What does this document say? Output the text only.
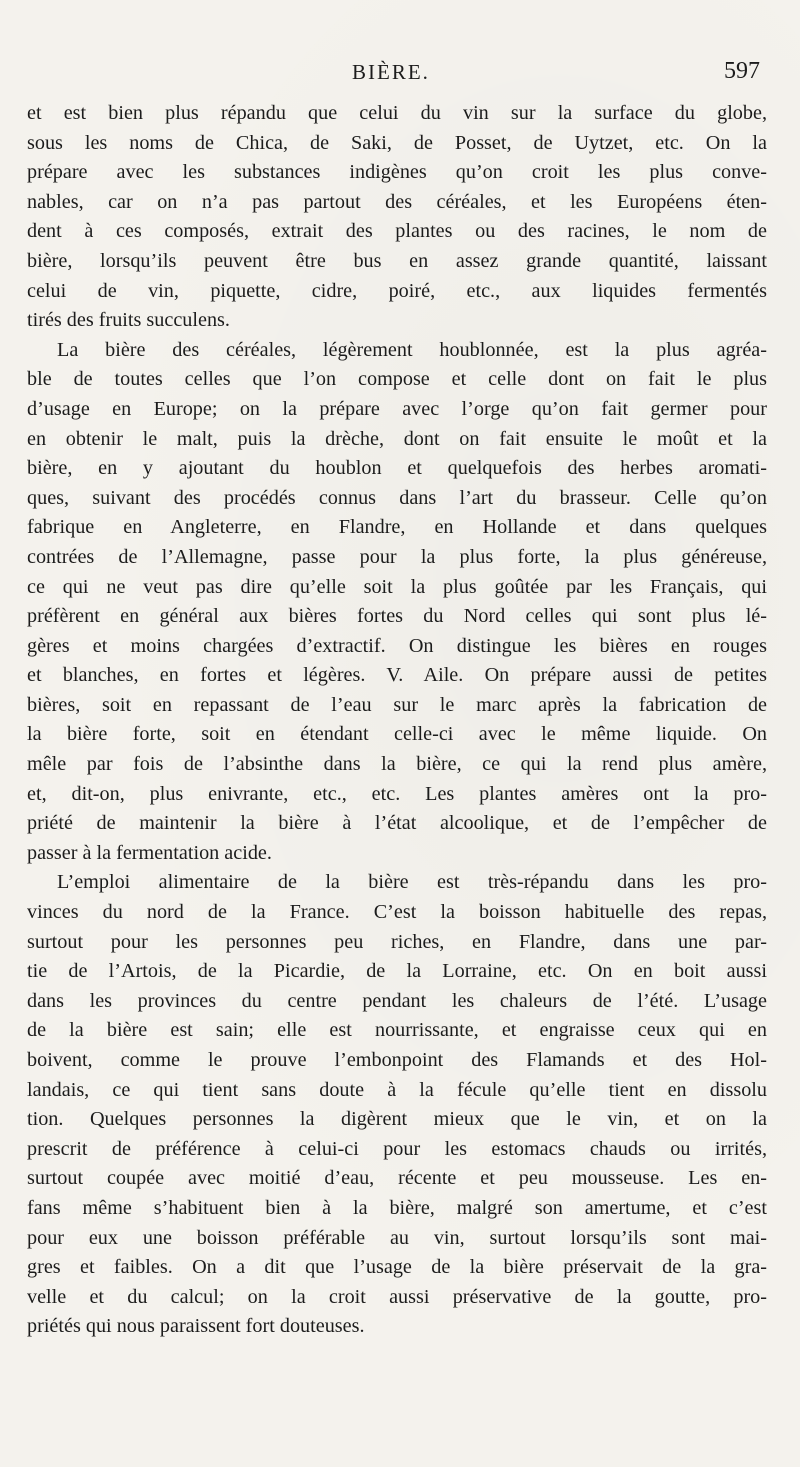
BIÈRE.	597
et est bien plus répandu que celui du vin sur la surface du globe,
sous les noms de Chica, de Saki, de Posset, de Uytzet, etc. On la
prépare avec les substances indigènes qu’on croit les plus conve-
nables, car on n’a pas partout des céréales, et les Européens éten-
dent à ces composés, extrait des plantes ou des racines, le nom de
bière, lorsqu’ils peuvent être bus en assez grande quantité, laissant
celui de vin, piquette, cidre, poiré, etc., aux liquides fermentés
tirés des fruits succulens.
La bière des céréales, légèrement houblonnée, est la plus agréa-
ble de toutes celles que l’on compose et celle dont on fait le plus
d’usage en Europe; on la prépare avec l’orge qu’on fait germer pour
en obtenir le malt, puis la drèche, dont on fait ensuite le moût et la
bière, en y ajoutant du houblon et quelquefois des herbes aromati-
ques, suivant des procédés connus dans l’art du brasseur. Celle qu’on
fabrique en Angleterre, en Flandre, en Hollande et dans quelques
contrées de l’Allemagne, passe pour la plus forte, la plus généreuse,
ce qui ne veut pas dire qu’elle soit la plus goûtée par les Français, qui
préfèrent en général aux bières fortes du Nord celles qui sont plus lé-
gères et moins chargées d’extractif. On distingue les bières en rouges
et blanches, en fortes et légères. V. Aile. On prépare aussi de petites
bières, soit en repassant de l’eau sur le marc après la fabrication de
la bière forte, soit en étendant celle-ci avec le même liquide. On
mêle par fois de l’absinthe dans la bière, ce qui la rend plus amère,
et, dit-on, plus enivrante, etc., etc. Les plantes amères ont la pro-
priété de maintenir la bière à l’état alcoolique, et de l’empêcher de
passer à la fermentation acide.
L’emploi alimentaire de la bière est très-répandu dans les pro-
vinces du nord de la France. C’est la boisson habituelle des repas,
surtout pour les personnes peu riches, en Flandre, dans une par-
tie de l’Artois, de la Picardie, de la Lorraine, etc. On en boit aussi
dans les provinces du centre pendant les chaleurs de l’été. L’usage
de la bière est sain; elle est nourrissante, et engraisse ceux qui en
boivent, comme le prouve l’embonpoint des Flamands et des Hol-
landais, ce qui tient sans doute à la fécule qu’elle tient en dissolu
tion. Quelques personnes la digèrent mieux que le vin, et on la
prescrit de préférence à celui-ci pour les estomacs chauds ou irrités,
surtout coupée avec moitié d’eau, récente et peu mousseuse. Les en-
fans même s’habituent bien à la bière, malgré son amertume, et c’est
pour eux une boisson préférable au vin, surtout lorsqu’ils sont mai-
gres et faibles. On a dit que l’usage de la bière préservait de la gra-
velle et du calcul; on la croit aussi préservative de la goutte, pro-
priétés qui nous paraissent fort douteuses.
